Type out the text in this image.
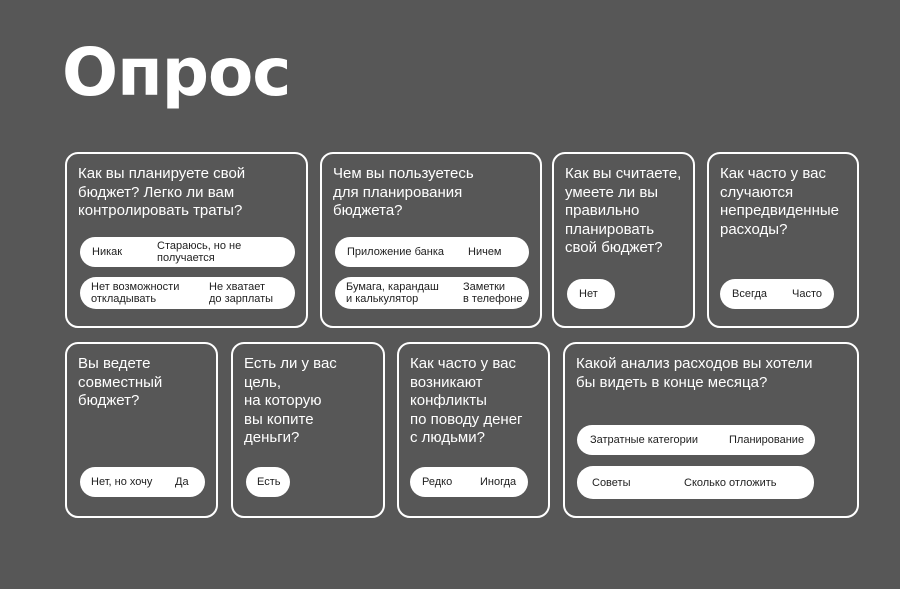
Опрос
Как вы планируете свой
бюджет? Легко ли вам
контролировать траты?
Никак	Стараюсь, но не получается
Нет возможности
откладывать
Не хватает
до зарплаты
Чем вы пользуетесь
для планирования
бюджета?
Приложение банка Ничем
Бумага, карандаш
и калькулятор
Заметки
в телефоне
Как вы считаете,
умеете ли вы
правильно
планировать
свой бюджет?
Нет
Как часто у вас
случаются
непредвиденные
расходы?
Всегда Часто
Вы ведете
совместный
бюджет?
Нет, но хочу Да
Есть ли у вас цель,
на которую
вы копите
деньги?
Есть
Как часто у вас
возникают
конфликты
по поводу денег
с людьми?
Редко	Иногда
Какой анализ расходов вы хотели
бы видеть в конце месяца?
Затратные категории	Планирование
Советы	Сколько отложить
